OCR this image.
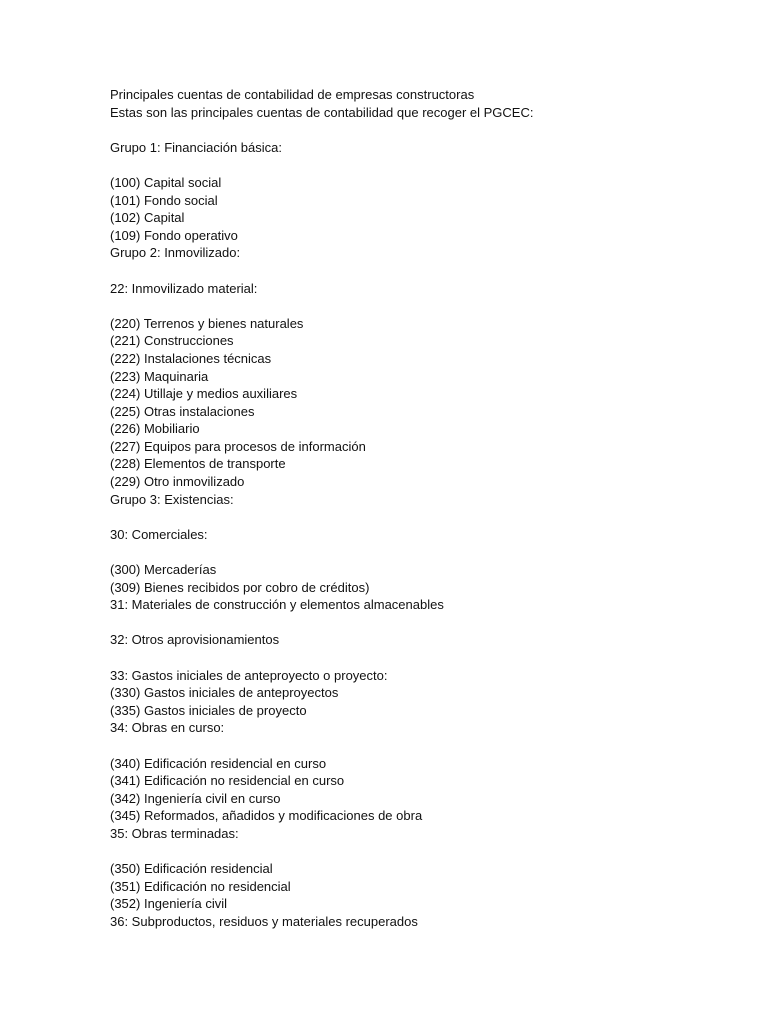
Principales cuentas de contabilidad de empresas constructoras
Estas son las principales cuentas de contabilidad que recoger el PGCEC:
Grupo 1: Financiación básica:
(100) Capital social
(101) Fondo social
(102) Capital
(109) Fondo operativo
Grupo 2: Inmovilizado:
22: Inmovilizado material:
(220) Terrenos y bienes naturales
(221) Construcciones
(222) Instalaciones técnicas
(223) Maquinaria
(224) Utillaje y medios auxiliares
(225) Otras instalaciones
(226) Mobiliario
(227) Equipos para procesos de información
(228) Elementos de transporte
(229) Otro inmovilizado
Grupo 3: Existencias:
30: Comerciales:
(300) Mercaderías
(309) Bienes recibidos por cobro de créditos)
31: Materiales de construcción y elementos almacenables
32: Otros aprovisionamientos
33: Gastos iniciales de anteproyecto o proyecto:
(330) Gastos iniciales de anteproyectos
(335) Gastos iniciales de proyecto
34: Obras en curso:
(340) Edificación residencial en curso
(341) Edificación no residencial en curso
(342) Ingeniería civil en curso
(345) Reformados, añadidos y modificaciones de obra
35: Obras terminadas:
(350) Edificación residencial
(351) Edificación no residencial
(352) Ingeniería civil
36: Subproductos, residuos y materiales recuperados
